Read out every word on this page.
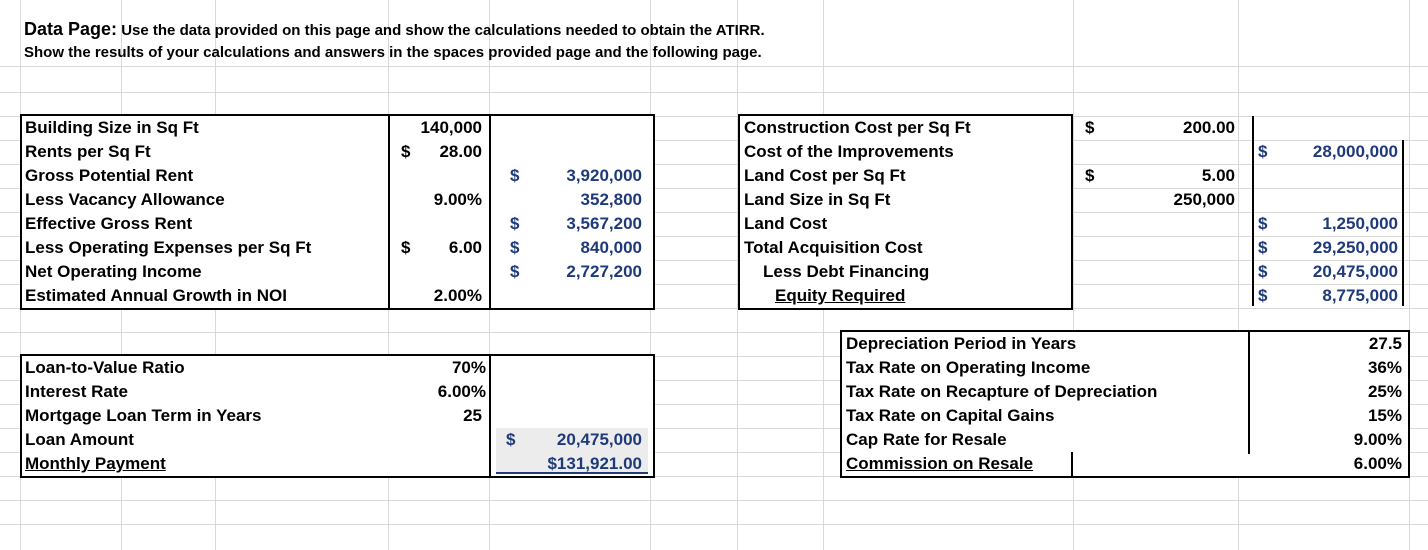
Data Page: Use the data provided on this page and show the calculations needed to obtain the ATIRR.
Show the results of your calculations and answers in the spaces provided page and the following page.
Building Size in Sq Ft	140,000
Rents per Sq Ft	$	28.00
Gross Potential Rent	$	3,920,000
Less Vacancy Allowance	9.00%	352,800
Effective Gross Rent	$	3,567,200
Less Operating Expenses per Sq Ft	$	6.00 $	840,000
Net Operating Income	$	2,727,200
Estimated Annual Growth in NOI	2.00%
Construction Cost per Sq Ft	$	200.00
Cost of the Improvements	$	28,000,000
Land Cost per Sq Ft	$	5.00
Land Size in Sq Ft	250,000
Land Cost	$	1,250,000
Total Acquisition Cost	$	29,250,000
Less Debt Financing	$	20,475,000
Equity Required	$	8,775,000
Loan-to-Value Ratio	70%
Interest Rate	6.00%
Mortgage Loan Term in Years	25
Loan Amount	$	20,475,000
Monthly Payment	$131,921.00
Depreciation Period in Years	27.5
Tax Rate on Operating Income	36%
Tax Rate on Recapture of Depreciation	25%
Tax Rate on Capital Gains	15%
Cap Rate for Resale	9.00%
Commission on Resale	6.00%
